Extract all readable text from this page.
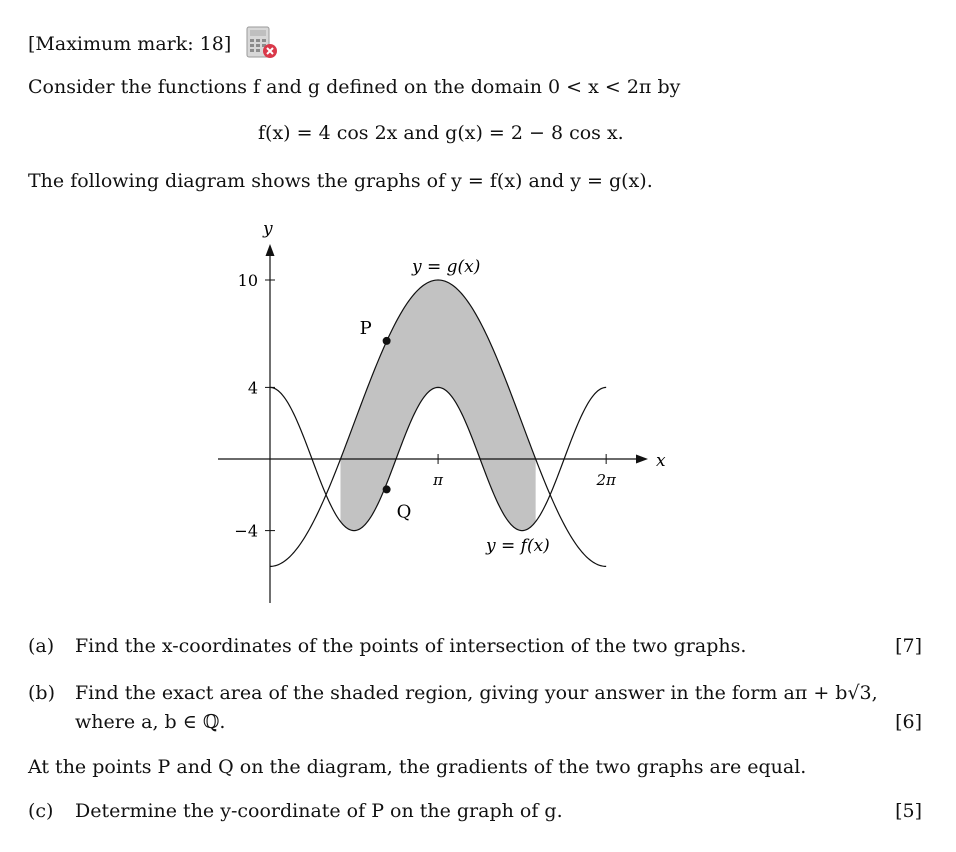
[Maximum mark: 18]
Consider the functions f and g defined on the domain 0 < x < 2π by
f(x) = 4 cos 2x and g(x) = 2 − 8 cos x.
The following diagram shows the graphs of y = f(x) and y = g(x).
π	2π
10
4
−4
x
y
y = g(x)
y = f(x)
P
Q
(a) Find the x-coordinates of the points of intersection of the two graphs.	[7]
(b) Find the exact area of the shaded region, giving your answer in the form aπ + b√3,
where a, b ∈ ℚ.	[6]
At the points P and Q on the diagram, the gradients of the two graphs are equal.
(c) Determine the y-coordinate of P on the graph of g.	[5]
